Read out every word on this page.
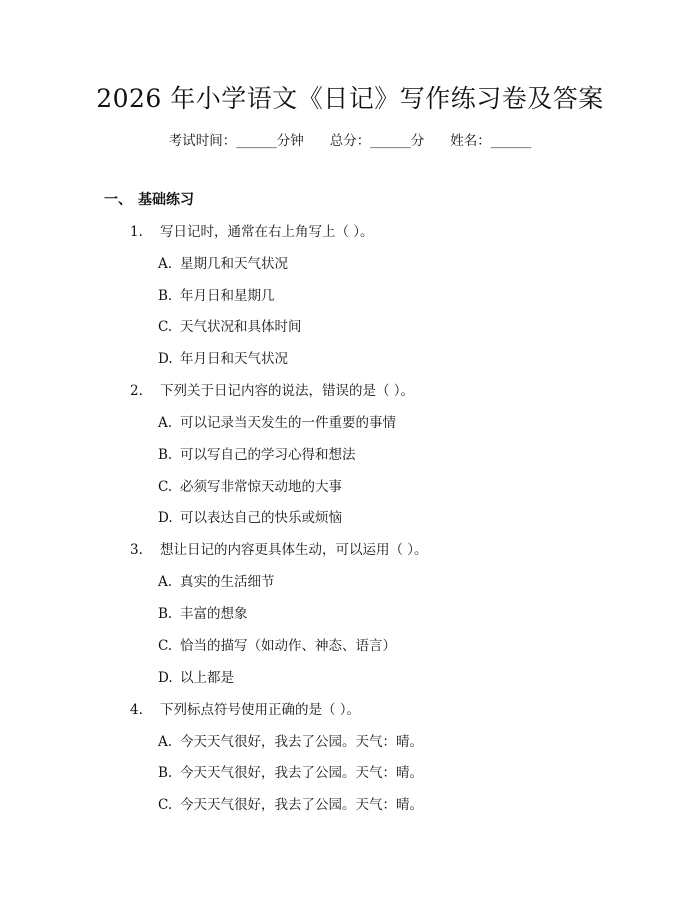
2026 年小学语文《日记》写作练习卷及答案
考试时间：______分钟 总分：______分 姓名：______
一、 基础练习
1. 写日记时，通常在右上角写上（ ）。
A. 星期几和天气状况
B. 年月日和星期几
C. 天气状况和具体时间
D. 年月日和天气状况
2. 下列关于日记内容的说法，错误的是（ ）。
A. 可以记录当天发生的一件重要的事情
B. 可以写自己的学习心得和想法
C. 必须写非常惊天动地的大事
D. 可以表达自己的快乐或烦恼
3. 想让日记的内容更具体生动，可以运用（ ）。
A. 真实的生活细节
B. 丰富的想象
C. 恰当的描写（如动作、神态、语言）
D. 以上都是
4. 下列标点符号使用正确的是（ ）。
A. 今天天气很好，我去了公园。天气：晴。
B. 今天天气很好，我去了公园。天气：晴。
C. 今天天气很好，我去了公园。天气：晴。
